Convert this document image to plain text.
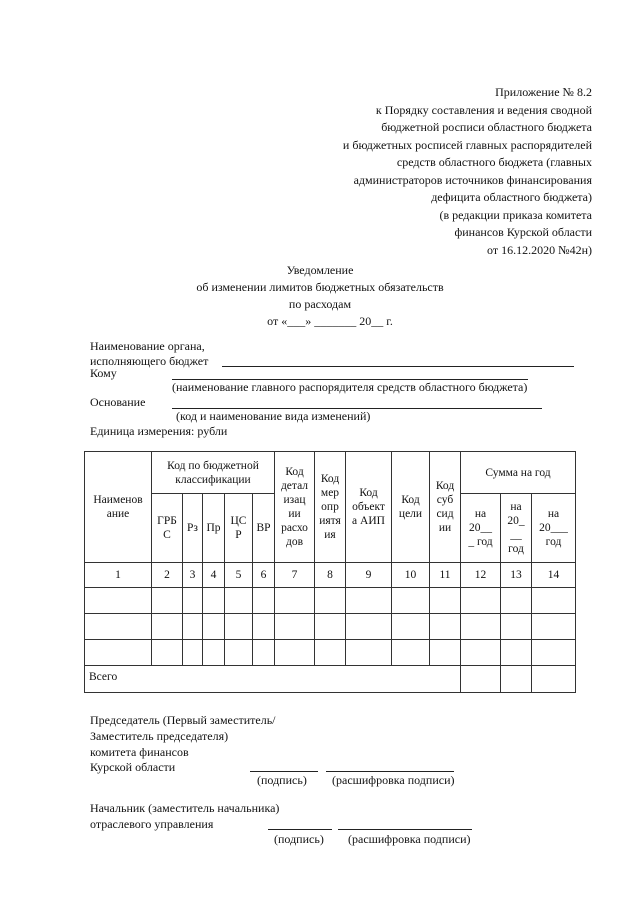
Приложение № 8.2
к Порядку составления и ведения сводной
бюджетной росписи областного бюджета
и бюджетных росписей главных распорядителей
средств областного бюджета (главных
администраторов источников финансирования
дефицита областного бюджета)
(в редакции приказа комитета
финансов Курской области
от 16.12.2020 №42н)
Уведомление
об изменении лимитов бюджетных обязательств
по расходам
от «___» _______ 20__ г.
Наименование органа,
исполняющего бюджет
Кому
(наименование главного распорядителя средств областного бюджета)
Основание
(код и наименование вида изменений)
Единица измерения: рубли
Наименов ание	Код по бюджетной классификации					Код детал изац ии расхо дов	Код мер опр иятя ия	Код объект а АИП	Код цели	Код суб сид ии	Сумма на год		
	ГРБ С	Рз	Пр	ЦС Р	ВР						на 20__ _ год	на 20_ __ год	на 20___ год
1	2	3	4	5	6	7	8	9	10	11	12	13	14

Всего													
Председатель (Первый заместитель/
Заместитель председателя)
комитета финансов
Курской области
(подпись) (расшифровка подписи)
Начальник (заместитель начальника)
отраслевого управления
(подпись) (расшифровка подписи)
